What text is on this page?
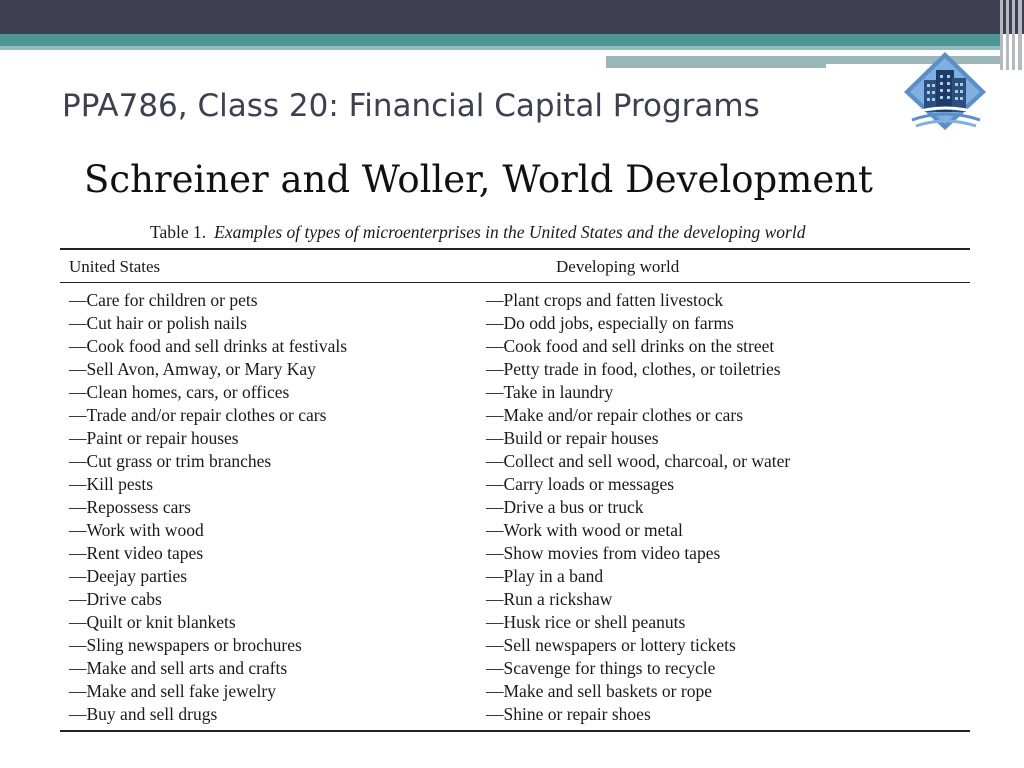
PPA786, Class 20: Financial Capital Programs
Schreiner and Woller, World Development
Table 1. Examples of types of microenterprises in the United States and the developing world
United States	Developing world
—Care for children or pets
—Cut hair or polish nails
—Cook food and sell drinks at festivals
—Sell Avon, Amway, or Mary Kay
—Clean homes, cars, or offices
—Trade and/or repair clothes or cars
—Paint or repair houses
—Cut grass or trim branches
—Kill pests
—Repossess cars
—Work with wood
—Rent video tapes
—Deejay parties
—Drive cabs
—Quilt or knit blankets
—Sling newspapers or brochures
—Make and sell arts and crafts
—Make and sell fake jewelry
—Buy and sell drugs
—Plant crops and fatten livestock
—Do odd jobs, especially on farms
—Cook food and sell drinks on the street
—Petty trade in food, clothes, or toiletries
—Take in laundry
—Make and/or repair clothes or cars
—Build or repair houses
—Collect and sell wood, charcoal, or water
—Carry loads or messages
—Drive a bus or truck
—Work with wood or metal
—Show movies from video tapes
—Play in a band
—Run a rickshaw
—Husk rice or shell peanuts
—Sell newspapers or lottery tickets
—Scavenge for things to recycle
—Make and sell baskets or rope
—Shine or repair shoes
